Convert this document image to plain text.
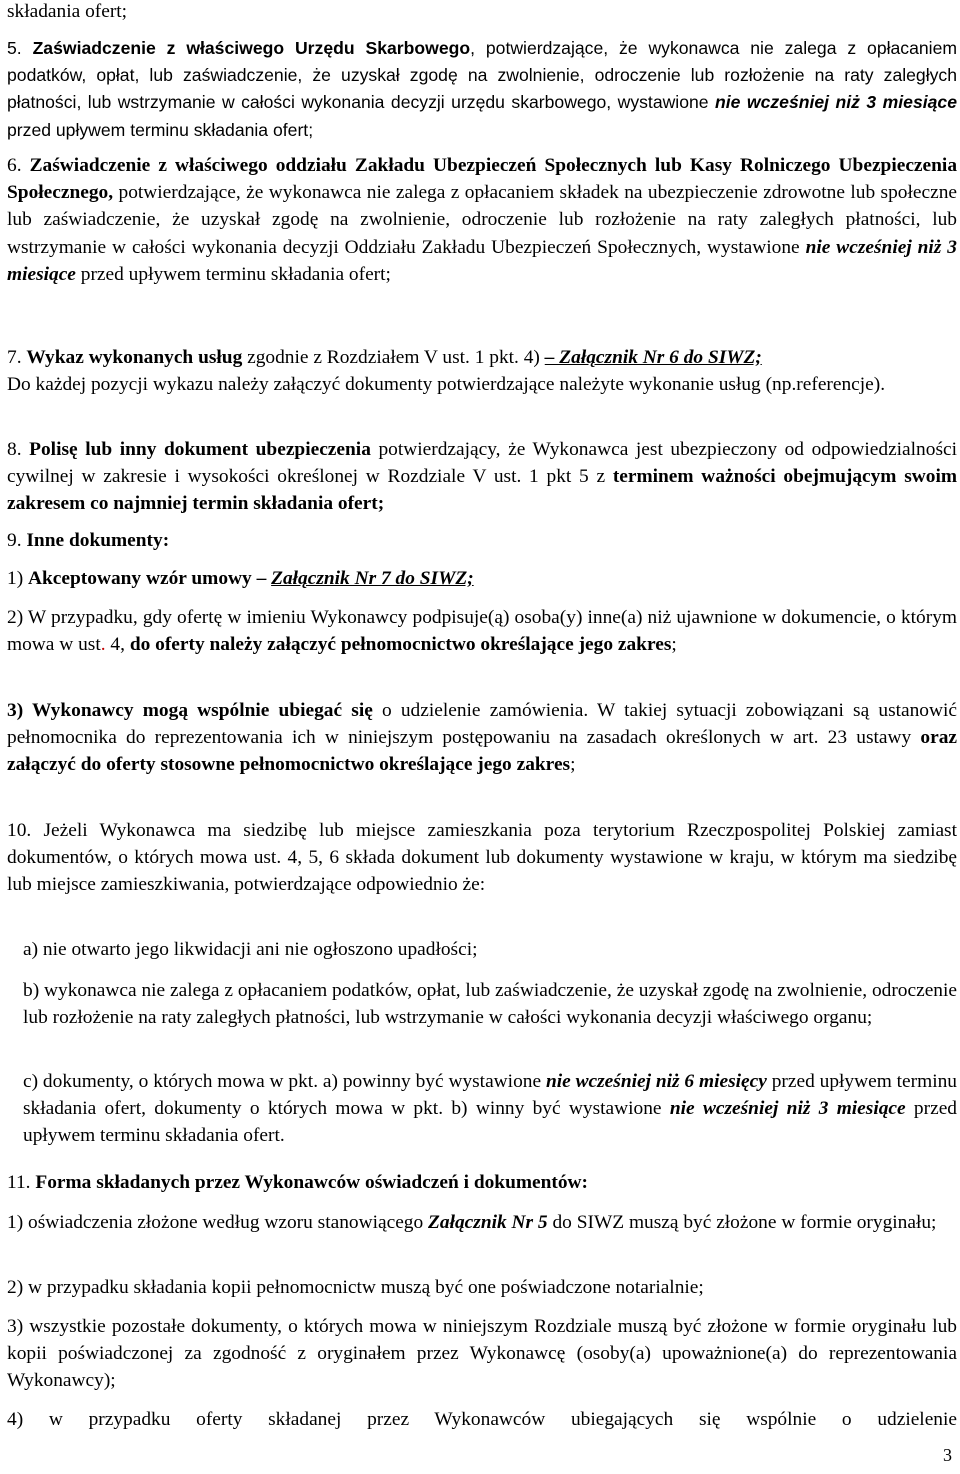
składania ofert;

5. Zaświadczenie z właściwego Urzędu Skarbowego, potwierdzające, że wykonawca nie zalega z opłacaniem podatków, opłat, lub zaświadczenie, że uzyskał zgodę na zwolnienie, odroczenie lub rozłożenie na raty zaległych płatności, lub wstrzymanie w całości wykonania decyzji urzędu skarbowego, wystawione nie wcześniej niż 3 miesiące przed upływem terminu składania ofert;

6. Zaświadczenie z właściwego oddziału Zakładu Ubezpieczeń Społecznych lub Kasy Rolniczego Ubezpieczenia Społecznego, potwierdzające, że wykonawca nie zalega z opłacaniem składek na ubezpieczenie zdrowotne lub społeczne lub zaświadczenie, że uzyskał zgodę na zwolnienie, odroczenie lub rozłożenie na raty zaległych płatności, lub wstrzymanie w całości wykonania decyzji Oddziału Zakładu Ubezpieczeń Społecznych, wystawione nie wcześniej niż 3 miesiące przed upływem terminu składania ofert;

7. Wykaz wykonanych usług zgodnie z Rozdziałem V ust. 1 pkt. 4) – Załącznik Nr 6 do SIWZ;
Do każdej pozycji wykazu należy załączyć dokumenty potwierdzające należyte wykonanie usług (np.referencje).

8. Polisę lub inny dokument ubezpieczenia potwierdzający, że Wykonawca jest ubezpieczony od odpowiedzialności cywilnej w zakresie i wysokości określonej w Rozdziale V ust. 1 pkt 5 z terminem ważności obejmującym swoim zakresem co najmniej termin składania ofert;

9. Inne dokumenty:

1) Akceptowany wzór umowy – Załącznik Nr 7 do SIWZ;

2) W przypadku, gdy ofertę w imieniu Wykonawcy podpisuje(ą) osoba(y) inne(a) niż ujawnione w dokumencie, o którym mowa w ust. 4, do oferty należy załączyć pełnomocnictwo określające jego zakres;

3) Wykonawcy mogą wspólnie ubiegać się o udzielenie zamówienia. W takiej sytuacji zobowiązani są ustanowić pełnomocnika do reprezentowania ich w niniejszym postępowaniu na zasadach określonych w art. 23 ustawy oraz załączyć do oferty stosowne pełnomocnictwo określające jego zakres;

10. Jeżeli Wykonawca ma siedzibę lub miejsce zamieszkania poza terytorium Rzeczpospolitej Polskiej zamiast dokumentów, o których mowa ust. 4, 5, 6 składa dokument lub dokumenty wystawione w kraju, w którym ma siedzibę lub miejsce zamieszkiwania, potwierdzające odpowiednio że:

a) nie otwarto jego likwidacji ani nie ogłoszono upadłości;

b) wykonawca nie zalega z opłacaniem podatków, opłat, lub zaświadczenie, że uzyskał zgodę na zwolnienie, odroczenie lub rozłożenie na raty zaległych płatności, lub wstrzymanie w całości wykonania decyzji właściwego organu;

c) dokumenty, o których mowa w pkt. a) powinny być wystawione nie wcześniej niż 6 miesięcy przed upływem terminu składania ofert, dokumenty o których mowa w pkt. b) winny być wystawione nie wcześniej niż 3 miesiące przed upływem terminu składania ofert.

11. Forma składanych przez Wykonawców oświadczeń i dokumentów:

1) oświadczenia złożone według wzoru stanowiącego Załącznik Nr 5 do SIWZ muszą być złożone w formie oryginału;

2) w przypadku składania kopii pełnomocnictw muszą być one poświadczone notarialnie;

3) wszystkie pozostałe dokumenty, o których mowa w niniejszym Rozdziale muszą być złożone w formie oryginału lub kopii poświadczonej za zgodność z oryginałem przez Wykonawcę (osoby(a) upoważnione(a) do reprezentowania Wykonawcy);

4) w przypadku oferty składanej przez Wykonawców ubiegających się wspólnie o udzielenie

3
